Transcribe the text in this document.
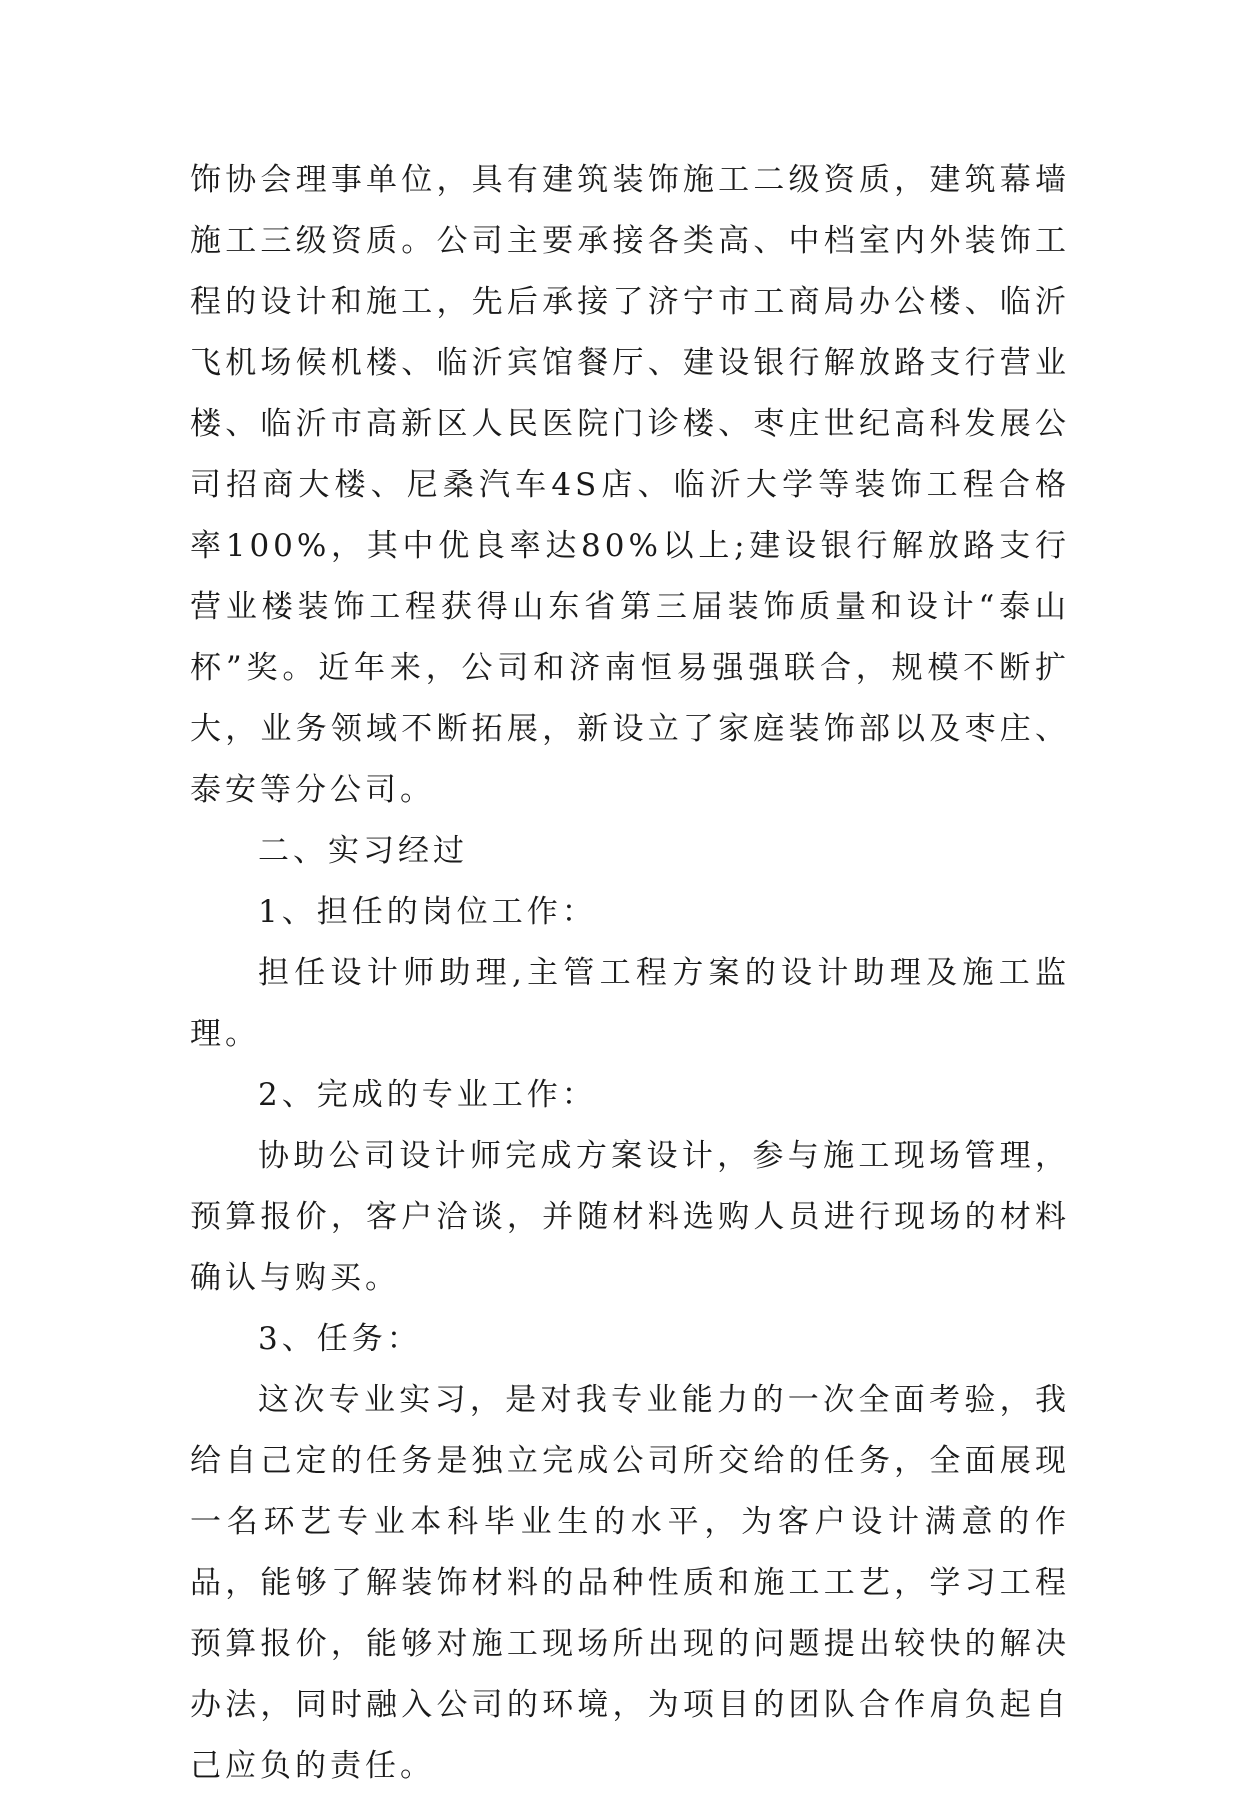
饰协会理事单位，具有建筑装饰施工二级资质，建筑幕墙施工三级资质。公司主要承接各类高、中档室内外装饰工程的设计和施工，先后承接了济宁市工商局办公楼、临沂飞机场候机楼、临沂宾馆餐厅、建设银行解放路支行营业楼、临沂市高新区人民医院门诊楼、枣庄世纪高科发展公司招商大楼、尼桑汽车4S店、临沂大学等装饰工程合格率100%，其中优良率达80%以上;建设银行解放路支行营业楼装饰工程获得山东省第三届装饰质量和设计“泰山杯”奖。近年来，公司和济南恒易强强联合，规模不断扩大，业务领域不断拓展，新设立了家庭装饰部以及枣庄、泰安等分公司。

二、实习经过

1、担任的岗位工作：

担任设计师助理,主管工程方案的设计助理及施工监理。

2、完成的专业工作：

协助公司设计师完成方案设计，参与施工现场管理，预算报价，客户洽谈，并随材料选购人员进行现场的材料确认与购买。

3、任务：

这次专业实习，是对我专业能力的一次全面考验，我给自己定的任务是独立完成公司所交给的任务，全面展现一名环艺专业本科毕业生的水平，为客户设计满意的作品，能够了解装饰材料的品种性质和施工工艺，学习工程预算报价，能够对施工现场所出现的问题提出较快的解决办法，同时融入公司的环境，为项目的团队合作肩负起自己应负的责任。
